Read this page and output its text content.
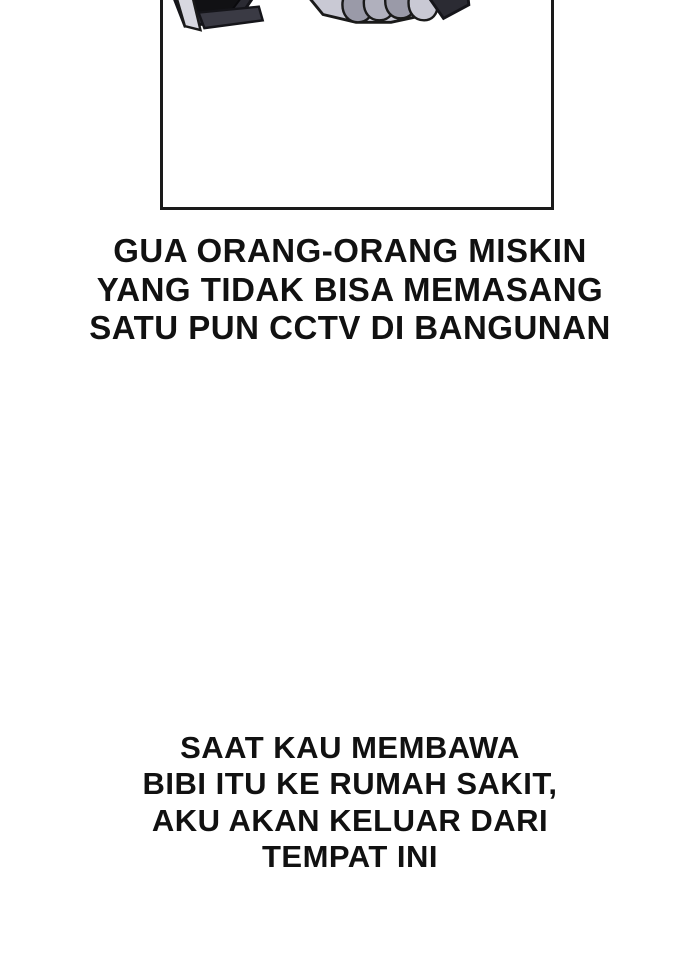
GUA ORANG-ORANG MISKIN
YANG TIDAK BISA MEMASANG
SATU PUN CCTV DI BANGUNAN
SAAT KAU MEMBAWA
BIBI ITU KE RUMAH SAKIT,
AKU AKAN KELUAR DARI
TEMPAT INI
